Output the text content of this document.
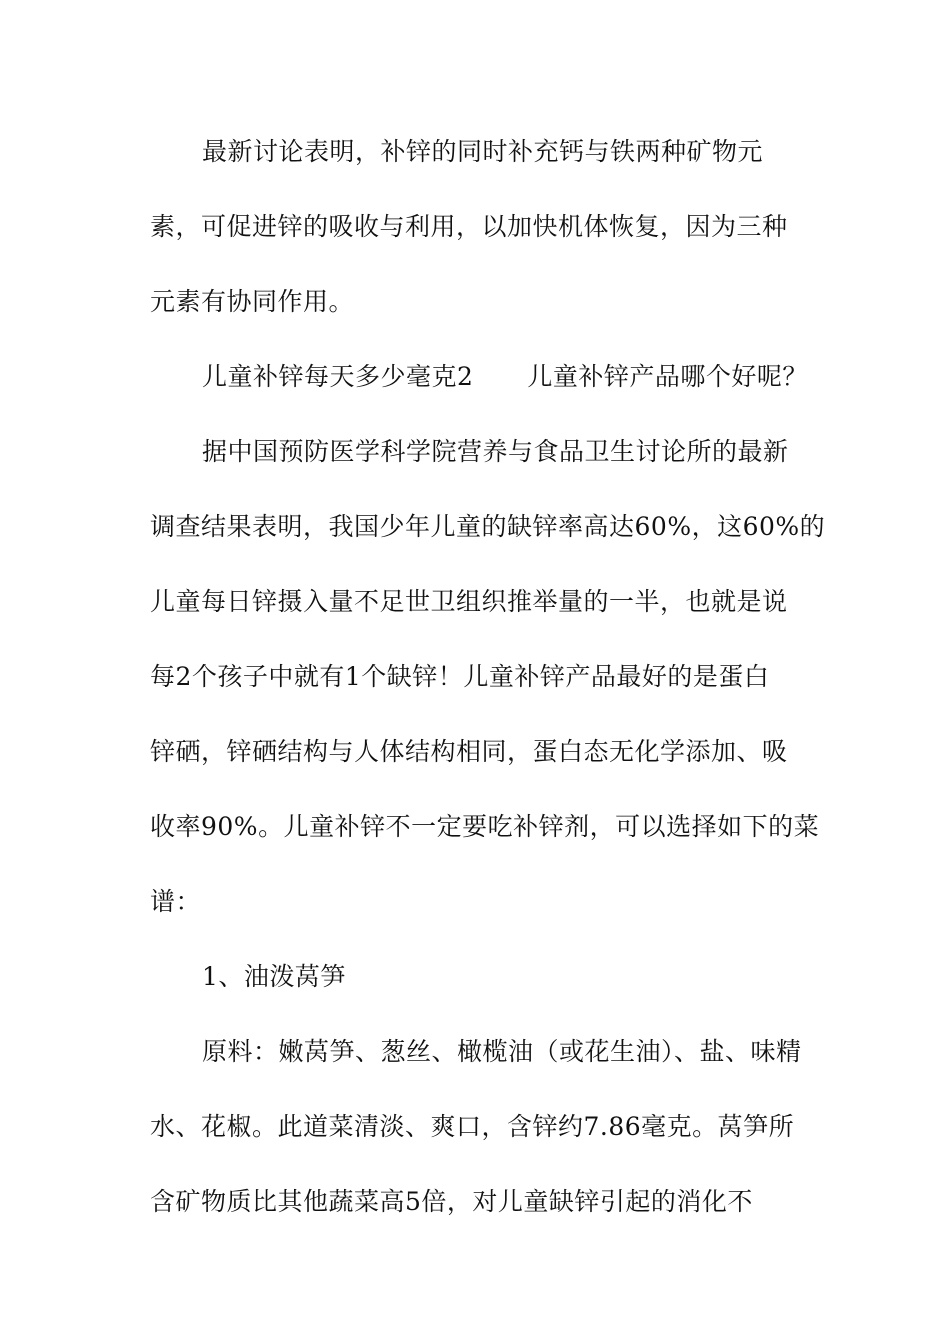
最新讨论表明，补锌的同时补充钙与铁两种矿物元
素，可促进锌的吸收与利用，以加快机体恢复，因为三种
元素有协同作用。
儿童补锌每天多少毫克2 儿童补锌产品哪个好呢？
据中国预防医学科学院营养与食品卫生讨论所的最新
调查结果表明，我国少年儿童的缺锌率高达60%，这60%的
儿童每日锌摄入量不足世卫组织推举量的一半，也就是说
每2个孩子中就有1个缺锌！儿童补锌产品最好的是蛋白
锌硒，锌硒结构与人体结构相同，蛋白态无化学添加、吸
收率90%。儿童补锌不一定要吃补锌剂，可以选择如下的菜
谱：
1、油泼莴笋
原料：嫩莴笋、葱丝、橄榄油（或花生油）、盐、味精
水、花椒。此道菜清淡、爽口，含锌约7.86毫克。莴笋所
含矿物质比其他蔬菜高5倍，对儿童缺锌引起的消化不
